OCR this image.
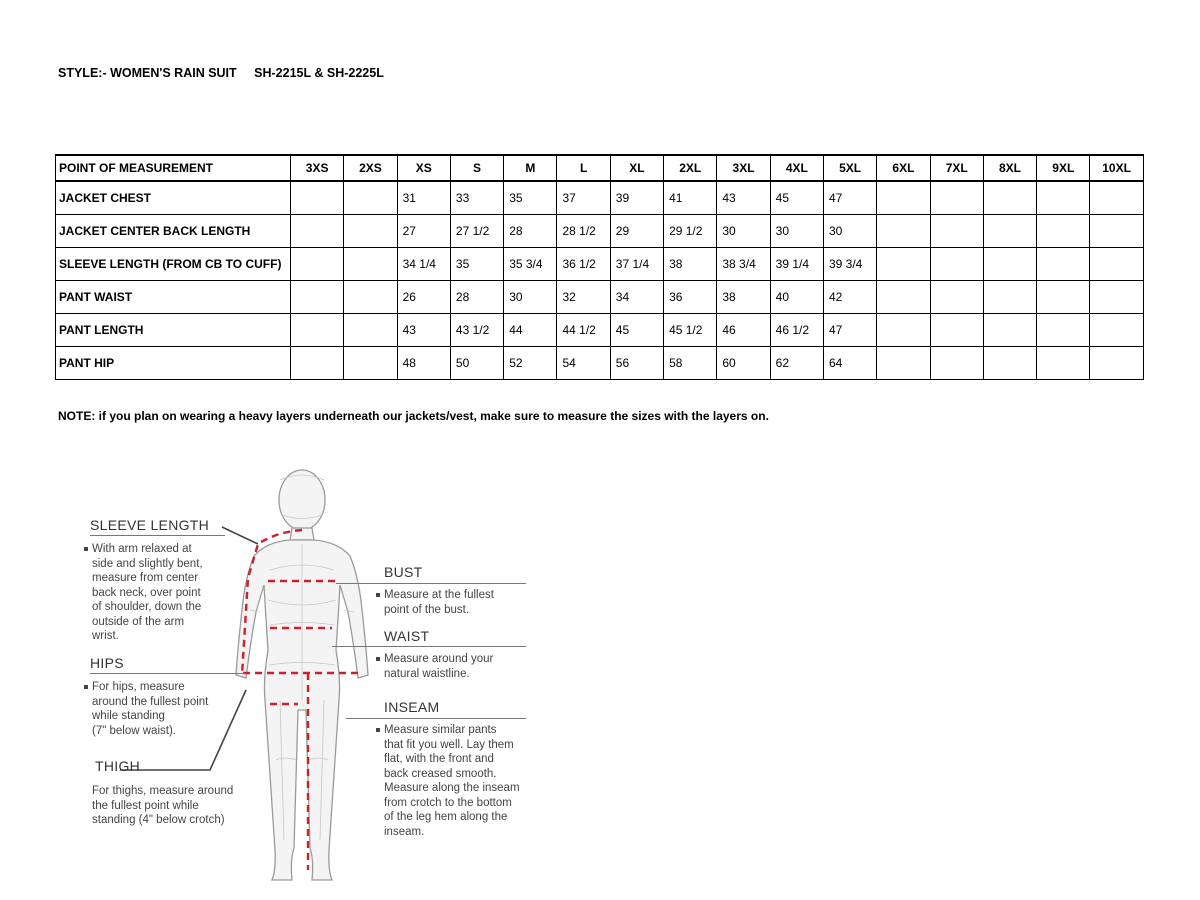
STYLE:- WOMEN'S RAIN SUIT SH-2215L & SH-2225L
POINT OF MEASUREMENT	3XS	2XS	XS	S	M	L	XL	2XL	3XL	4XL	5XL	6XL	7XL	8XL	9XL	10XL
JACKET CHEST			31	33	35	37	39	41	43	45	47					
JACKET CENTER BACK LENGTH			27	27 1/2	28	28 1/2	29	29 1/2	30	30	30					
SLEEVE LENGTH (FROM CB TO CUFF)			34 1/4	35	35 3/4	36 1/2	37 1/4	38	38 3/4	39 1/4	39 3/4					
PANT WAIST			26	28	30	32	34	36	38	40	42					
PANT LENGTH			43	43 1/2	44	44 1/2	45	45 1/2	46	46 1/2	47					
PANT HIP			48	50	52	54	56	58	60	62	64					
NOTE: if you plan on wearing a heavy layers underneath our jackets/vest, make sure to measure the sizes with the layers on.
SLEEVE LENGTH
With arm relaxed at
side and slightly bent,
measure from center
back neck, over point
of shoulder, down the
outside of the arm
wrist.
HIPS
For hips, measure
around the fullest point
while standing
(7" below waist).
THIGH
For thighs, measure around
the fullest point while
standing (4" below crotch)
BUST
Measure at the fullest
point of the bust.
WAIST
Measure around your
natural waistline.
INSEAM
Measure similar pants
that fit you well. Lay them
flat, with the front and
back creased smooth.
Measure along the inseam
from crotch to the bottom
of the leg hem along the
inseam.
